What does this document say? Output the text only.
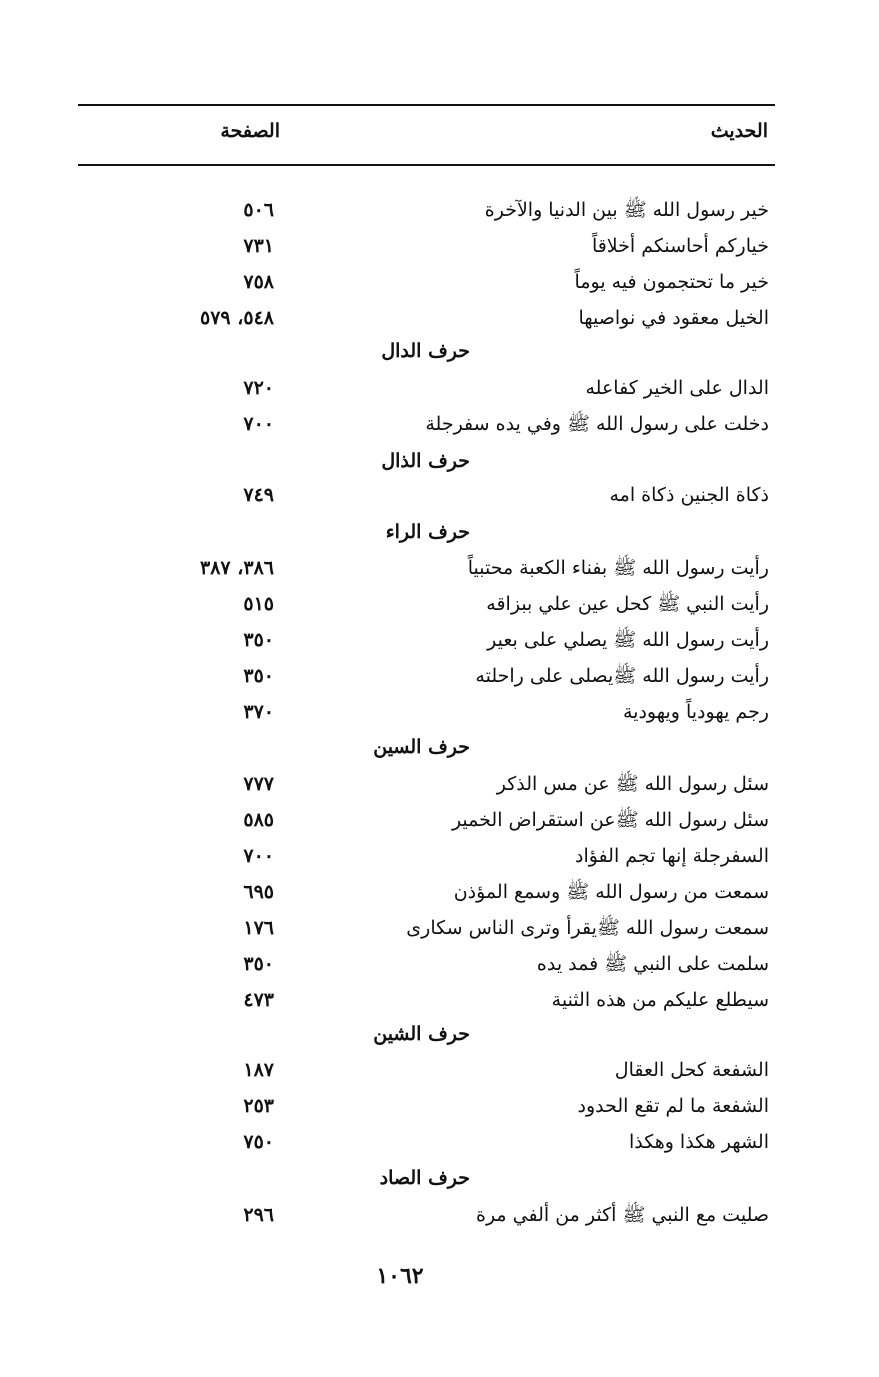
الحديث
الصفحة
خير رسول الله ﷺ بين الدنيا والآخرة
٥٠٦
خياركم أحاسنكم أخلاقاً
٧٣١
خير ما تحتجمون فيه يوماً
٧٥٨
الخيل معقود في نواصيها
٥٤٨، ٥٧٩
حرف الدال
الدال على الخير كفاعله
٧٢٠
دخلت على رسول الله ﷺ وفي يده سفرجلة
٧٠٠
حرف الذال
ذكاة الجنين ذكاة امه
٧٤٩
حرف الراء
رأيت رسول الله ﷺ بفناء الكعبة محتبياً
٣٨٦، ٣٨٧
رأيت النبي ﷺ كحل عين علي ببزاقه
٥١٥
رأيت رسول الله ﷺ يصلي على بعير
٣٥٠
رأيت رسول الله ﷺيصلى على راحلته
٣٥٠
رجم يهودياً ويهودية
٣٧٠
حرف السين
سئل رسول الله ﷺ عن مس الذكر
٧٧٧
سئل رسول الله ﷺعن استقراض الخمير
٥٨٥
السفرجلة إنها تجم الفؤاد
٧٠٠
سمعت من رسول الله ﷺ وسمع المؤذن
٦٩٥
سمعت رسول الله ﷺيقرأ وترى الناس سكارى
١٧٦
سلمت على النبي ﷺ فمد يده
٣٥٠
سيطلع عليكم من هذه الثنية
٤٧٣
حرف الشين
الشفعة كحل العقال
١٨٧
الشفعة ما لم تقع الحدود
٢٥٣
الشهر هكذا وهكذا
٧٥٠
حرف الصاد
صليت مع النبي ﷺ أكثر من ألفي مرة
٢٩٦
١٠٦٢
